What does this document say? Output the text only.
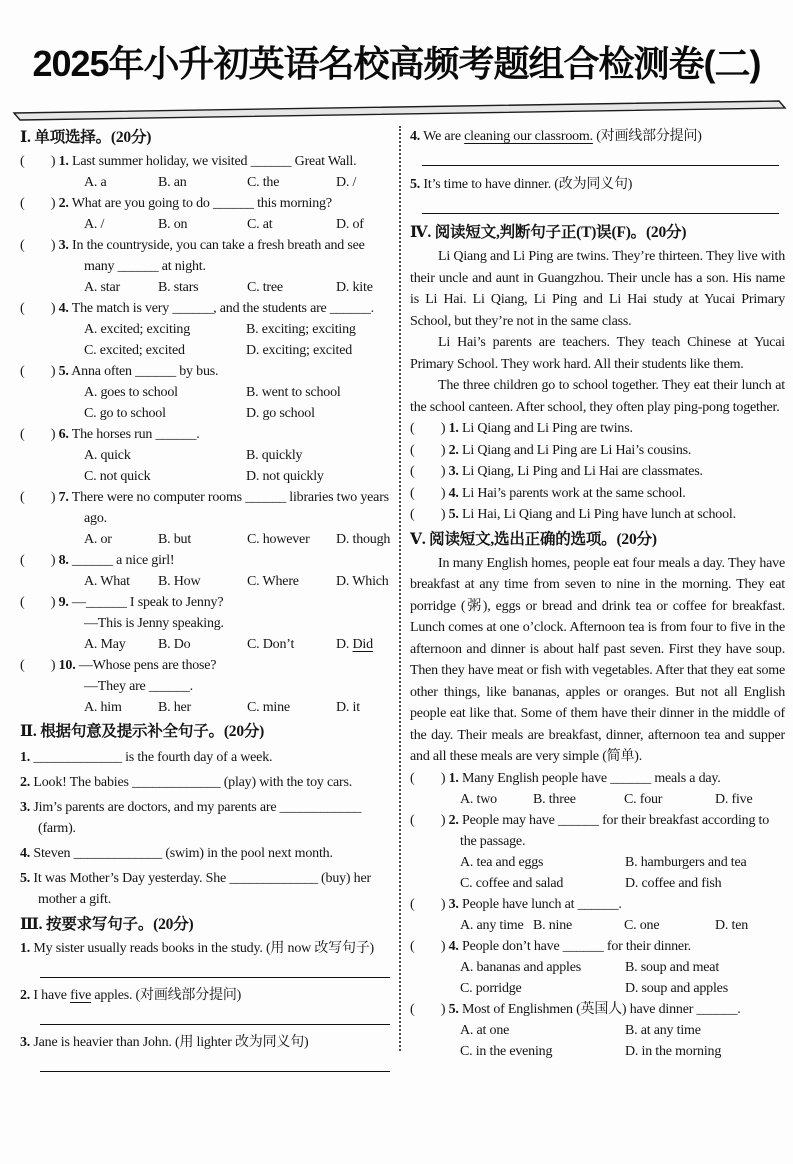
2025年小升初英语名校高频考题组合检测卷(二)
Ⅰ. 单项选择。(20分)
(        ) 1. Last summer holiday, we visited ______ Great Wall.
A. a	B. an	C. the	D. /
(        ) 2. What are you going to do ______ this morning?
A. /	B. on	C. at	D. of
(        ) 3. In the countryside, you can take a fresh breath and see
many ______ at night.
A. star	B. stars	C. tree	D. kite
(        ) 4. The match is very ______, and the students are ______.
A. excited; exciting	B. exciting; exciting
C. excited; excited	D. exciting; excited
(        ) 5. Anna often ______ by bus.
A. goes to school	B. went to school
C. go to school	D. go school
(        ) 6. The horses run ______.
A. quick	B. quickly
C. not quick	D. not quickly
(        ) 7. There were no computer rooms ______ libraries two years
ago.
A. or	B. but	C. however	D. though
(        ) 8. ______ a nice girl!
A. What	B. How	C. Where	D. Which
(        ) 9. —______ I speak to Jenny?
—This is Jenny speaking.
A. May	B. Do	C. Don’t	D. Did
(        ) 10. —Whose pens are those?
—They are ______.
A. him	B. her	C. mine	D. it
Ⅱ. 根据句意及提示补全句子。(20分)
1. _____________ is the fourth day of a week.
2. Look! The babies _____________ (play) with the toy cars.
3. Jim’s parents are doctors, and my parents are ____________
(farm).
4. Steven _____________ (swim) in the pool next month.
5. It was Mother’s Day yesterday. She _____________ (buy) her
mother a gift.
Ⅲ. 按要求写句子。(20分)
1. My sister usually reads books in the study. (用 now 改写句子)
2. I have five apples. (对画线部分提问)
3. Jane is heavier than John. (用 lighter 改为同义句)
4. We are cleaning our classroom. (对画线部分提问)
5. It’s time to have dinner. (改为同义句)
Ⅳ. 阅读短文,判断句子正(T)误(F)。(20分)
Li Qiang and Li Ping are twins. They’re thirteen. They live with their uncle and aunt in Guangzhou. Their uncle has a son. His name is Li Hai. Li Qiang, Li Ping and Li Hai study at Yucai Primary School, but they’re not in the same class.
Li Hai’s parents are teachers. They teach Chinese at Yucai Primary School. They work hard. All their students like them.
The three children go to school together. They eat their lunch at the school canteen. After school, they often play ping-pong together.
(        ) 1. Li Qiang and Li Ping are twins.
(        ) 2. Li Qiang and Li Ping are Li Hai’s cousins.
(        ) 3. Li Qiang, Li Ping and Li Hai are classmates.
(        ) 4. Li Hai’s parents work at the same school.
(        ) 5. Li Hai, Li Qiang and Li Ping have lunch at school.
Ⅴ. 阅读短文,选出正确的选项。(20分)
In many English homes, people eat four meals a day. They have breakfast at any time from seven to nine in the morning. They eat porridge (粥), eggs or bread and drink tea or coffee for breakfast. Lunch comes at one o’clock. Afternoon tea is from four to five in the afternoon and dinner is about half past seven. First they have soup. Then they have meat or fish with vegetables. After that they eat some other things, like bananas, apples or oranges. But not all English people eat like that. Some of them have their dinner in the middle of the day. Their meals are breakfast, dinner, afternoon tea and supper and all these meals are very simple (简单).
(        ) 1. Many English people have ______ meals a day.
A. two	B. three	C. four	D. five
(        ) 2. People may have ______ for their breakfast according to
the passage.
A. tea and eggs	B. hamburgers and tea
C. coffee and salad	D. coffee and fish
(        ) 3. People have lunch at ______.
A. any time B. nine	C. one	D. ten
(        ) 4. People don’t have ______ for their dinner.
A. bananas and apples	B. soup and meat
C. porridge	D. soup and apples
(        ) 5. Most of Englishmen (英国人) have dinner ______.
A. at one	B. at any time
C. in the evening	D. in the morning
